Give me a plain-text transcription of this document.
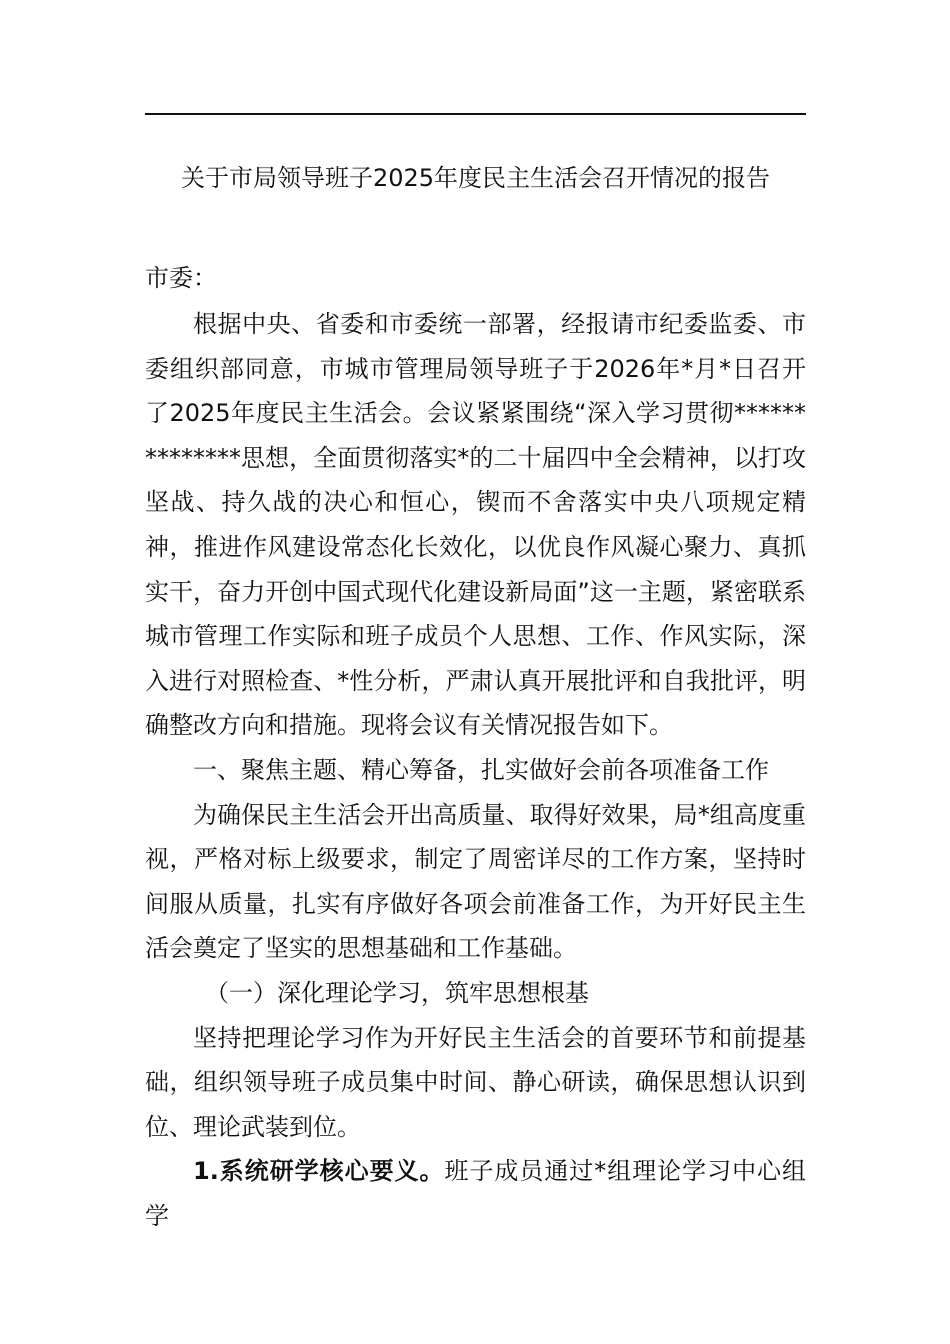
关于市局领导班子2025年度民主生活会召开情况的报告

市委：

根据中央、省委和市委统一部署，经报请市纪委监委、市委组织部同意，市城市管理局领导班子于2026年*月*日召开了2025年度民主生活会。会议紧紧围绕“深入学习贯彻**************思想，全面贯彻落实*的二十届四中全会精神，以打攻坚战、持久战的决心和恒心，锲而不舍落实中央八项规定精神，推进作风建设常态化长效化，以优良作风凝心聚力、真抓实干，奋力开创中国式现代化建设新局面”这一主题，紧密联系城市管理工作实际和班子成员个人思想、工作、作风实际，深入进行对照检查、*性分析，严肃认真开展批评和自我批评，明确整改方向和措施。现将会议有关情况报告如下。

一、聚焦主题、精心筹备，扎实做好会前各项准备工作

为确保民主生活会开出高质量、取得好效果，局*组高度重视，严格对标上级要求，制定了周密详尽的工作方案，坚持时间服从质量，扎实有序做好各项会前准备工作，为开好民主生活会奠定了坚实的思想基础和工作基础。

（一）深化理论学习，筑牢思想根基

坚持把理论学习作为开好民主生活会的首要环节和前提基础，组织领导班子成员集中时间、静心研读，确保思想认识到位、理论武装到位。

1.系统研学核心要义。班子成员通过*组理论学习中心组学
